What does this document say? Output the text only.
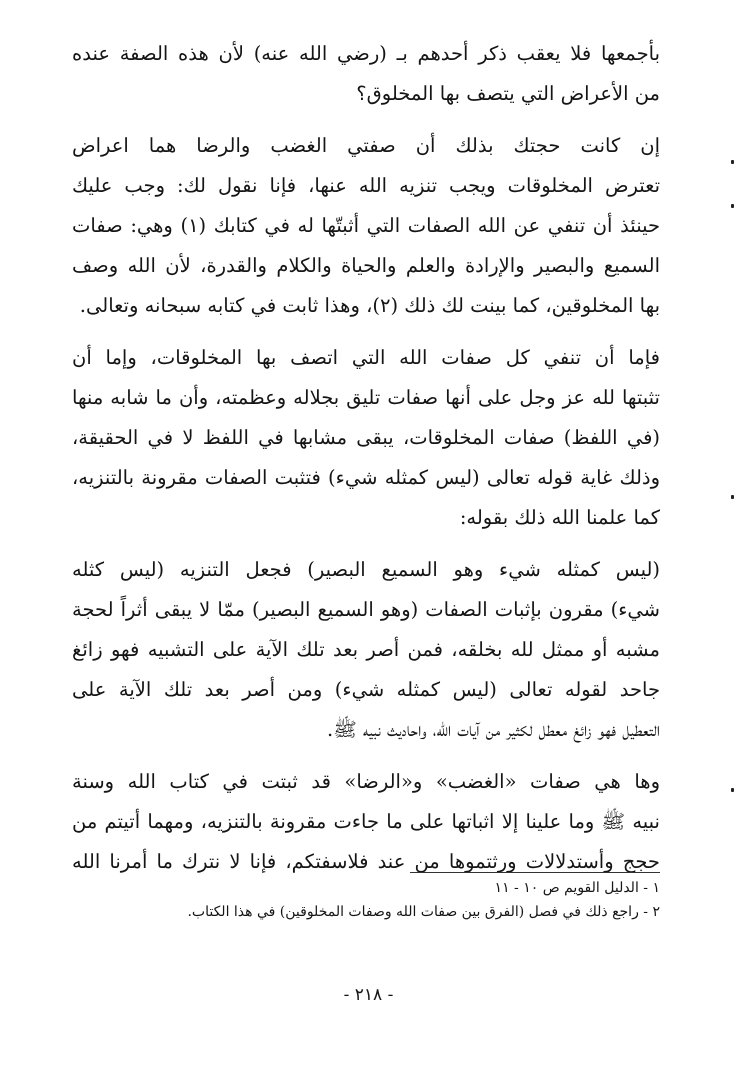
بأجمعها فلا يعقب ذكر أحدهم بـ (رضي الله عنه) لأن هذه الصفة عنده
من الأعراض التي يتصف بها المخلوق؟
إن كانت حجتك بذلك أن صفتي الغضب والرضا هما اعراض
تعترض المخلوقات ويجب تنزيه الله عنها، فإنا نقول لك: وجب عليك
حينئذ أن تنفي عن الله الصفات التي أثبتّها له في كتابك (١) وهي: صفات
السميع والبصير والإرادة والعلم والحياة والكلام والقدرة، لأن الله وصف
بها المخلوقين، كما بينت لك ذلك (٢)، وهذا ثابت في كتابه سبحانه وتعالى.
فإما أن تنفي كل صفات الله التي اتصف بها المخلوقات، وإما أن
تثبتها لله عز وجل على أنها صفات تليق بجلاله وعظمته، وأن ما شابه منها
(في اللفظ) صفات المخلوقات، يبقى مشابها في اللفظ لا في الحقيقة،
وذلك غاية قوله تعالى (ليس كمثله شيء) فتثبت الصفات مقرونة بالتنزيه،
كما علمنا الله ذلك بقوله:
(ليس كمثله شيء وهو السميع البصير) فجعل التنزيه (ليس كثله
شيء) مقرون بإثبات الصفات (وهو السميع البصير) ممّا لا يبقى أثراً لحجة
مشبه أو ممثل لله بخلقه، فمن أصر بعد تلك الآية على التشبيه فهو زائغ
جاحد لقوله تعالى (ليس كمثله شيء) ومن أصر بعد تلك الآية على
التعطيل فهو زائغ معطل لكثير من آيات الله، واحاديث نبيه ﷺ.
وها هي صفات «الغضب» و«الرضا» قد ثبتت في كتاب الله وسنة
نبيه ﷺ وما علينا إلا اثباتها على ما جاءت مقرونة بالتنزيه، ومهما أتيتم من
حجج وأستدلالات ورثتموها من عند فلاسفتكم، فإنا لا نترك ما أمرنا الله
١ - الدليل القويم ص ١٠ - ١١
٢ - راجع ذلك في فصل (الفرق بين صفات الله وصفات المخلوقين) في هذا الكتاب.
- ٢١٨ -
